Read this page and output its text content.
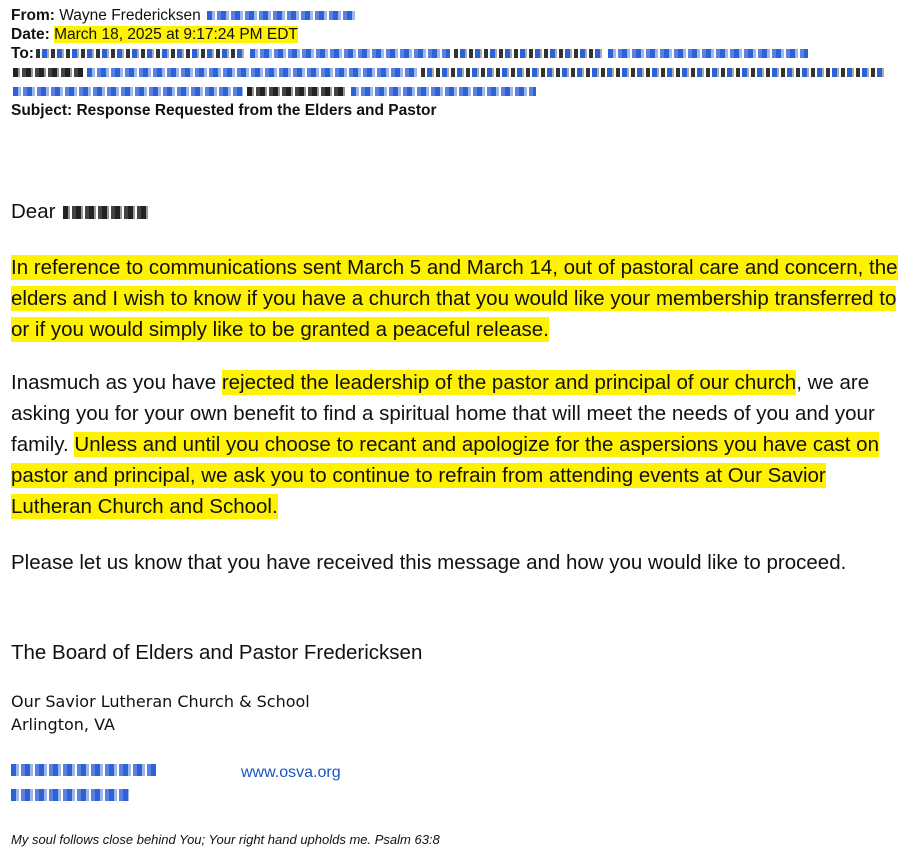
From: Wayne Fredericksen
Date: March 18, 2025 at 9:17:24 PM EDT
To:
Subject: Response Requested from the Elders and Pastor
Dear
In reference to communications sent March 5 and March 14, out of pastoral care and concern, the elders and I wish to know if you have a church that you would like your membership transferred to or if you would simply like to be granted a peaceful release.
Inasmuch as you have rejected the leadership of the pastor and principal of our church, we are asking you for your own benefit to find a spiritual home that will meet the needs of you and your family. Unless and until you choose to recant and apologize for the aspersions you have cast on pastor and principal, we ask you to continue to refrain from attending events at Our Savior Lutheran Church and School.
Please let us know that you have received this message and how you would like to proceed.
The Board of Elders and Pastor Fredericksen
Our Savior Lutheran Church & School
Arlington, VA
www.osva.org
My soul follows close behind You; Your right hand upholds me. Psalm 63:8
